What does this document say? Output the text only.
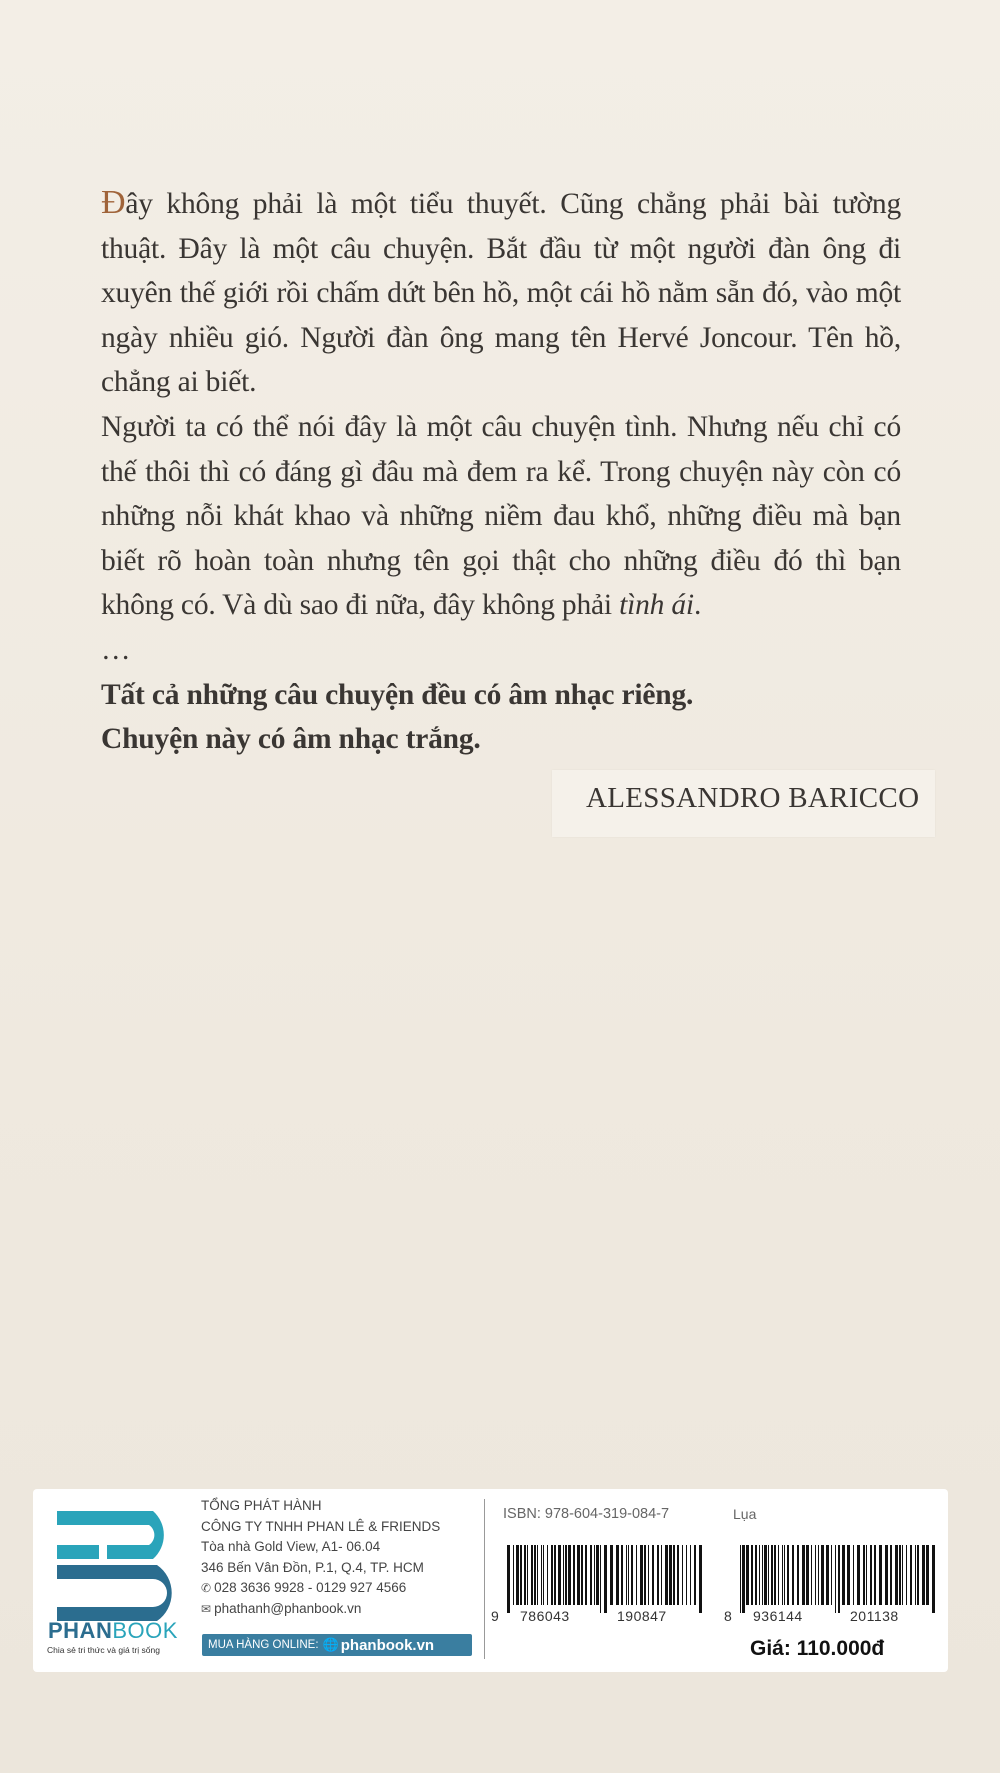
Đây không phải là một tiểu thuyết. Cũng chẳng phải bài tường thuật. Đây là một câu chuyện. Bắt đầu từ một người đàn ông đi xuyên thế giới rồi chấm dứt bên hồ, một cái hồ nằm sẵn đó, vào một ngày nhiều gió. Người đàn ông mang tên Hervé Joncour. Tên hồ, chẳng ai biết.

Người ta có thể nói đây là một câu chuyện tình. Nhưng nếu chỉ có thế thôi thì có đáng gì đâu mà đem ra kể. Trong chuyện này còn có những nỗi khát khao và những niềm đau khổ, những điều mà bạn biết rõ hoàn toàn nhưng tên gọi thật cho những điều đó thì bạn không có. Và dù sao đi nữa, đây không phải tình ái.

…

Tất cả những câu chuyện đều có âm nhạc riêng.

Chuyện này có âm nhạc trắng.

ALESSANDRO BARICCO
PHANBOOK
Chia sẻ tri thức và giá trị sống
TỔNG PHÁT HÀNH
CÔNG TY TNHH PHAN LÊ & FRIENDS
Tòa nhà Gold View, A1- 06.04
346 Bến Vân Đồn, P.1, Q.4, TP. HCM
✆ 028 3636 9928 - 0129 927 4566
✉ phathanh@phanbook.vn
MUA HÀNG ONLINE: 🌐 phanbook.vn
ISBN: 978-604-319-084-7	Lụa
9 786043	190847	8 936144	201138
Giá: 110.000đ
